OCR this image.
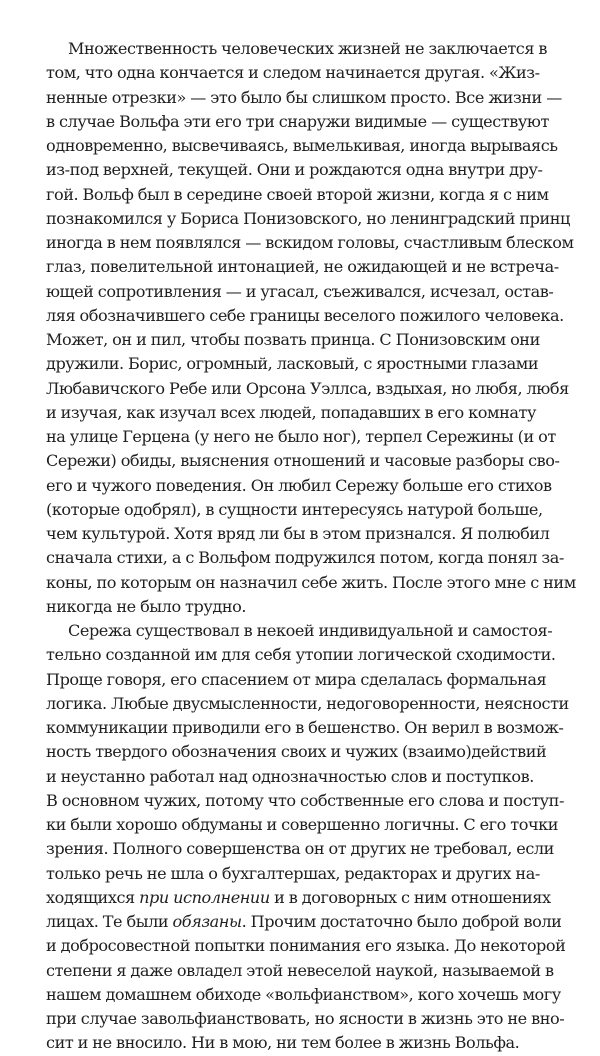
Множественность человеческих жизней не заключается в
том, что одна кончается и следом начинается другая. «Жиз-
ненные отрезки» — это было бы слишком просто. Все жизни —
в случае Вольфа эти его три снаружи видимые — существуют
одновременно, высвечиваясь, вымелькивая, иногда вырываясь
из-под верхней, текущей. Они и рождаются одна внутри дру-
гой. Вольф был в середине своей второй жизни, когда я с ним
познакомился у Бориса Понизовского, но ленинградский принц
иногда в нем появлялся — вскидом головы, счастливым блеском
глаз, повелительной интонацией, не ожидающей и не встреча-
ющей сопротивления — и угасал, съеживался, исчезал, остав-
ляя обозначившего себе границы веселого пожилого человека.
Может, он и пил, чтобы позвать принца. С Понизовским они
дружили. Борис, огромный, ласковый, с яростными глазами
Любавичского Ребе или Орсона Уэллса, вздыхая, но любя, любя
и изучая, как изучал всех людей, попадавших в его комнату
на улице Герцена (у него не было ног), терпел Сережины (и от
Сережи) обиды, выяснения отношений и часовые разборы сво-
его и чужого поведения. Он любил Сережу больше его стихов
(которые одобрял), в сущности интересуясь натурой больше,
чем культурой. Хотя вряд ли бы в этом признался. Я полюбил
сначала стихи, а с Вольфом подружился потом, когда понял за-
коны, по которым он назначил себе жить. После этого мне с ним
никогда не было трудно.
Сережа существовал в некоей индивидуальной и самостоя-
тельно созданной им для себя утопии логической сходимости.
Проще говоря, его спасением от мира сделалась формальная
логика. Любые двусмысленности, недоговоренности, неясности
коммуникации приводили его в бешенство. Он верил в возмож-
ность твердого обозначения своих и чужих (взаимо)действий
и неустанно работал над однозначностью слов и поступков.
В основном чужих, потому что собственные его слова и поступ-
ки были хорошо обдуманы и совершенно логичны. С его точки
зрения. Полного совершенства он от других не требовал, если
только речь не шла о бухгалтершах, редакторах и других на-
ходящихся при исполнении и в договорных с ним отношениях
лицах. Те были обязаны. Прочим достаточно было доброй воли
и добросовестной попытки понимания его языка. До некоторой
степени я даже овладел этой невеселой наукой, называемой в
нашем домашнем обиходе «вольфианством», кого хочешь могу
при случае завольфианствовать, но ясности в жизнь это не вно-
сит и не вносило. Ни в мою, ни тем более в жизнь Вольфа.
